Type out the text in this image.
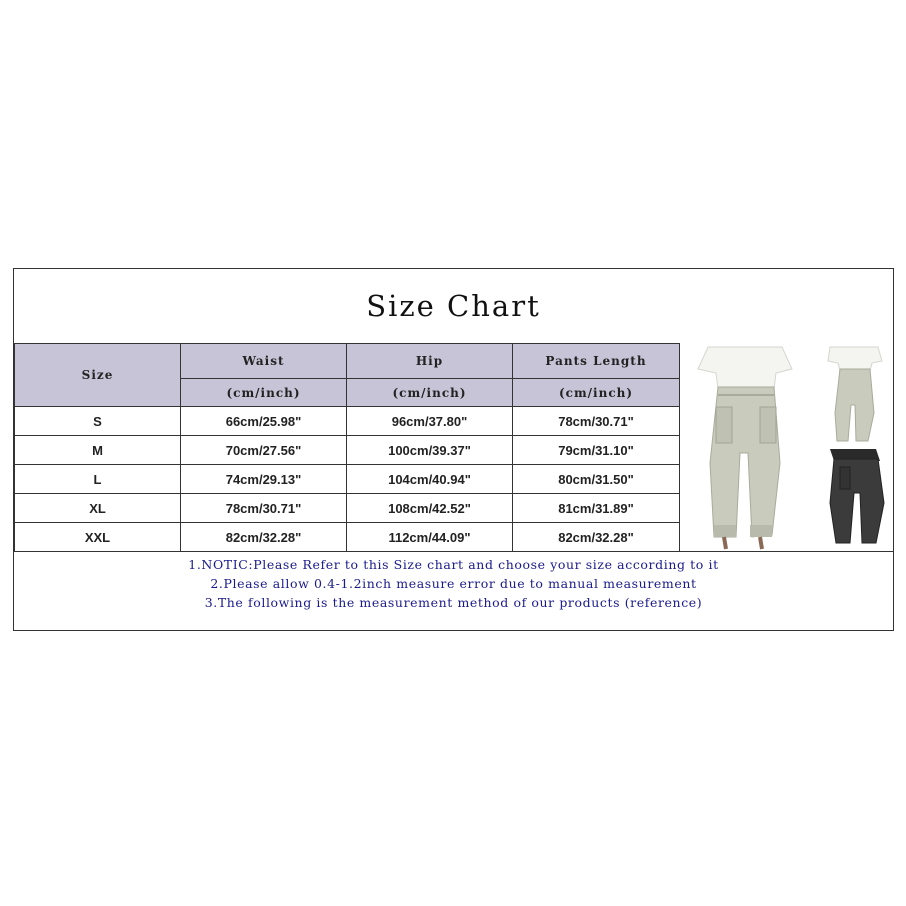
Size Chart
Size	Waist	Hip	Pants Length
	(cm/inch)	(cm/inch)	(cm/inch)
S	66cm/25.98"	96cm/37.80"	78cm/30.71"
M	70cm/27.56"	100cm/39.37"	79cm/31.10"
L	74cm/29.13"	104cm/40.94"	80cm/31.50"
XL	78cm/30.71"	108cm/42.52"	81cm/31.89"
XXL	82cm/32.28"	112cm/44.09"	82cm/32.28"
1.NOTIC:Please Refer to this Size chart and choose your size according to it
2.Please allow 0.4-1.2inch measure error due to manual measurement
3.The following is the measurement method of our products (reference)
